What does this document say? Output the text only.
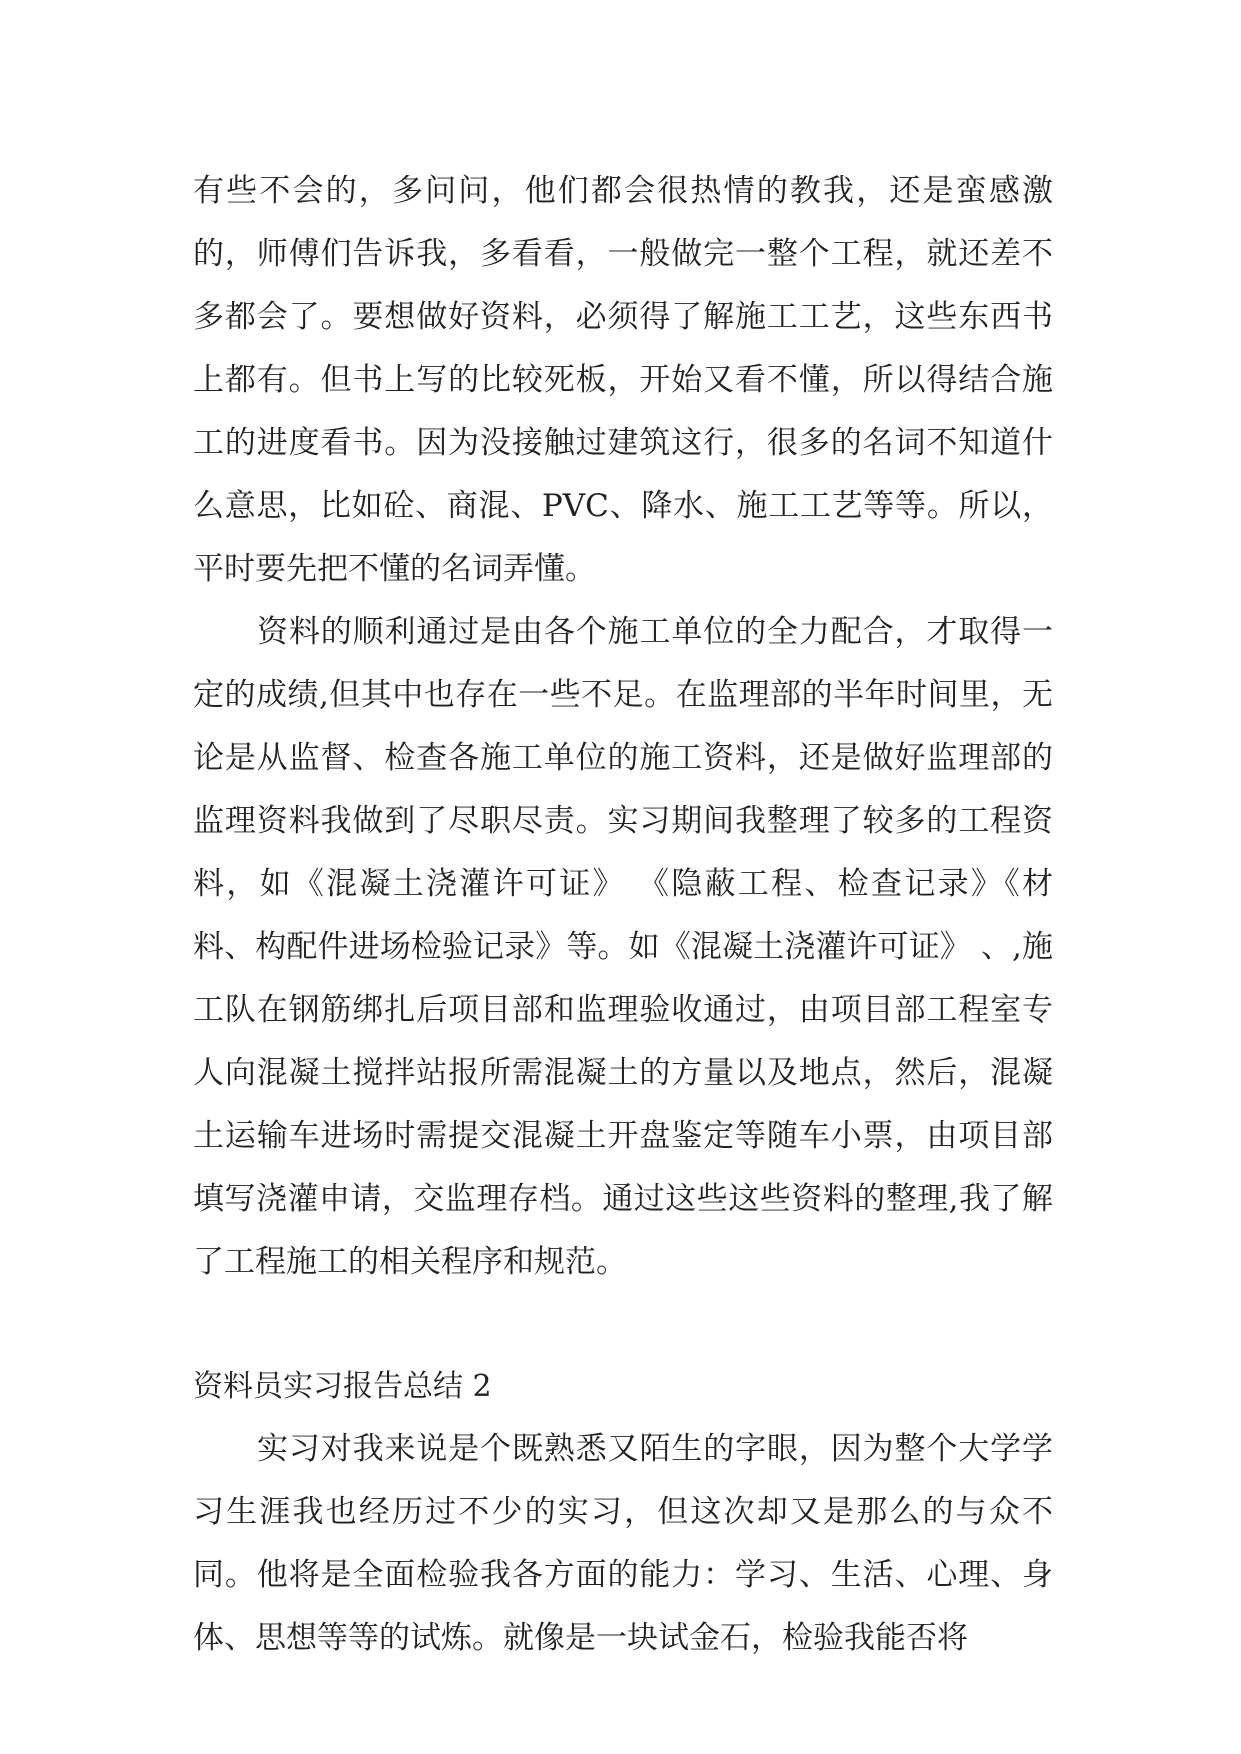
有些不会的，多问问，他们都会很热情的教我，还是蛮感激的，师傅们告诉我，多看看，一般做完一整个工程，就还差不多都会了。要想做好资料，必须得了解施工工艺，这些东西书上都有。但书上写的比较死板，开始又看不懂，所以得结合施工的进度看书。因为没接触过建筑这行，很多的名词不知道什么意思，比如砼、商混、PVC、降水、施工工艺等等。所以，平时要先把不懂的名词弄懂。

资料的顺利通过是由各个施工单位的全力配合，才取得一定的成绩,但其中也存在一些不足。在监理部的半年时间里，无论是从监督、检查各施工单位的施工资料，还是做好监理部的监理资料我做到了尽职尽责。实习期间我整理了较多的工程资料，如《混凝土浇灌许可证》 《隐蔽工程、检查记录》《材料、构配件进场检验记录》等。如《混凝土浇灌许可证》 、,施工队在钢筋绑扎后项目部和监理验收通过，由项目部工程室专人向混凝土搅拌站报所需混凝土的方量以及地点，然后，混凝土运输车进场时需提交混凝土开盘鉴定等随车小票，由项目部填写浇灌申请，交监理存档。通过这些这些资料的整理,我了解了工程施工的相关程序和规范。

资料员实习报告总结 2

实习对我来说是个既熟悉又陌生的字眼，因为整个大学学习生涯我也经历过不少的实习，但这次却又是那么的与众不同。他将是全面检验我各方面的能力：学习、生活、心理、身体、思想等等的试炼。就像是一块试金石，检验我能否将
